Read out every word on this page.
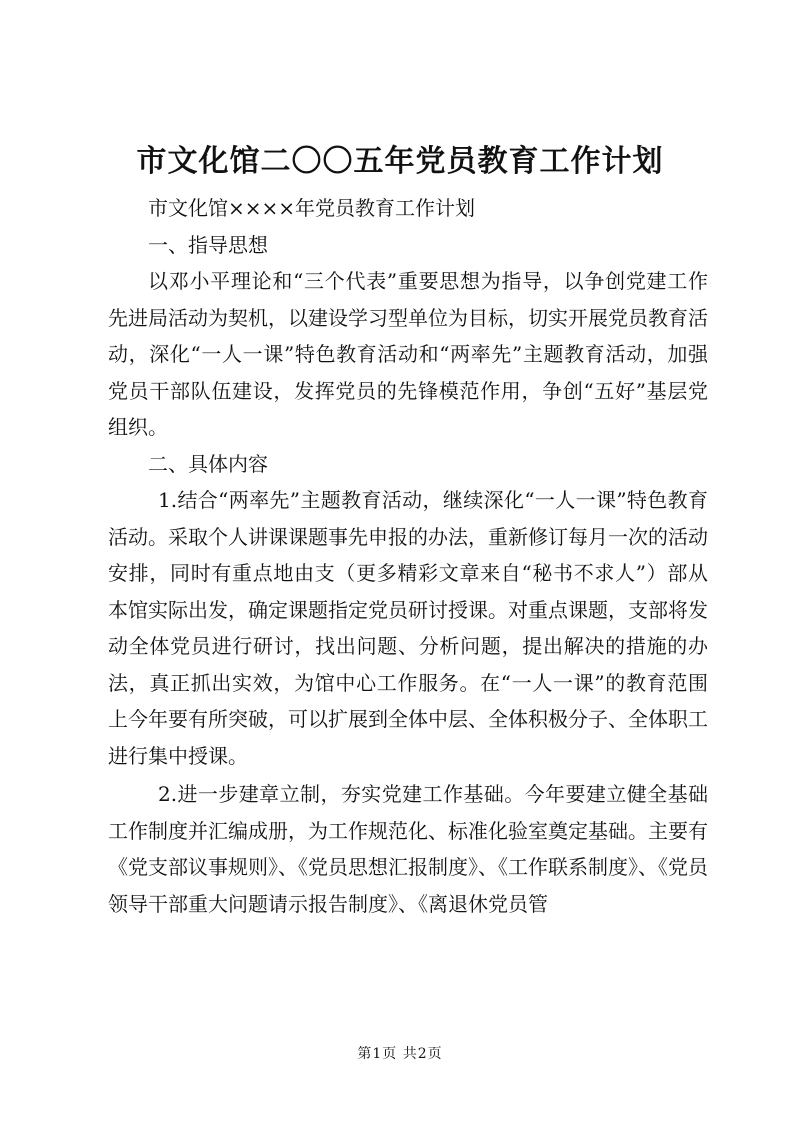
市文化馆二〇〇五年党员教育工作计划

市文化馆××××年党员教育工作计划

一、指导思想

以邓小平理论和“三个代表”重要思想为指导，以争创党建工作先进局活动为契机，以建设学习型单位为目标，切实开展党员教育活动，深化“一人一课”特色教育活动和“两率先”主题教育活动，加强党员干部队伍建设，发挥党员的先锋模范作用，争创“五好”基层党组织。

二、具体内容

1.结合“两率先”主题教育活动，继续深化“一人一课”特色教育活动。采取个人讲课课题事先申报的办法，重新修订每月一次的活动安排，同时有重点地由支（更多精彩文章来自“秘书不求人”）部从本馆实际出发，确定课题指定党员研讨授课。对重点课题，支部将发动全体党员进行研讨，找出问题、分析问题，提出解决的措施的办法，真正抓出实效，为馆中心工作服务。在“一人一课”的教育范围上今年要有所突破，可以扩展到全体中层、全体积极分子、全体职工进行集中授课。

2.进一步建章立制，夯实党建工作基础。今年要建立健全基础工作制度并汇编成册，为工作规范化、标准化验室奠定基础。主要有《党支部议事规则》、《党员思想汇报制度》、《工作联系制度》、《党员领导干部重大问题请示报告制度》、《离退休党员管

第1页 共2页
